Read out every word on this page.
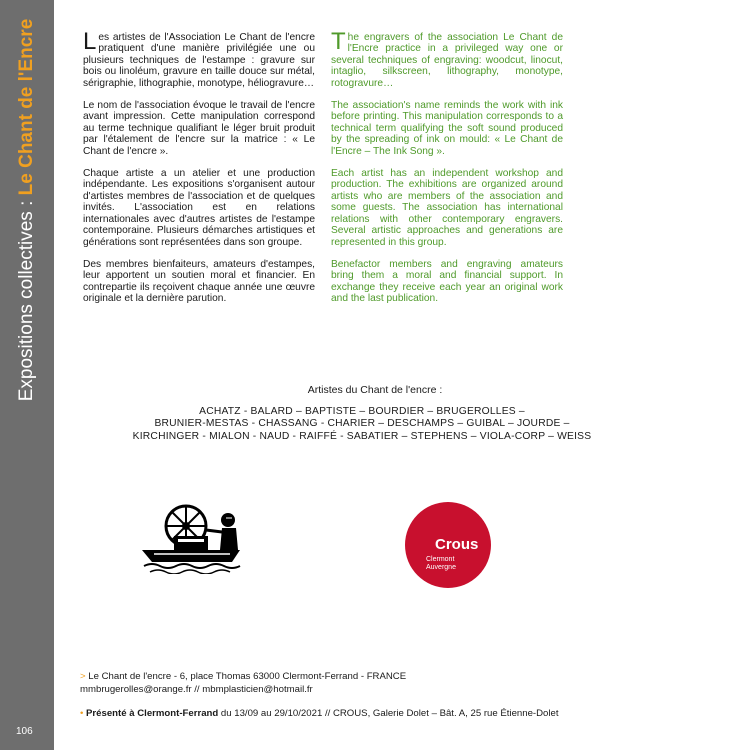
Expositions collectives : Le Chant de l'Encre
106

Les artistes de l'Association Le Chant de l'encre pratiquent d'une manière privilégiée une ou plusieurs techniques de l'estampe : gravure sur bois ou linoléum, gravure en taille douce sur métal, sérigraphie, lithographie, monotype, héliogravure…

Le nom de l'association évoque le travail de l'encre avant impression. Cette manipulation correspond au terme technique qualifiant le léger bruit produit par l'étalement de l'encre sur la matrice : « Le Chant de l'encre ».

Chaque artiste a un atelier et une production indépendante. Les expositions s'organisent autour d'artistes membres de l'association et de quelques invités. L'association est en relations internationales avec d'autres artistes de l'estampe contemporaine. Plusieurs démarches artistiques et générations sont représentées dans son groupe.

Des membres bienfaiteurs, amateurs d'estampes, leur apportent un soutien moral et financier. En contrepartie ils reçoivent chaque année une œuvre originale et la dernière parution.

The engravers of the association Le Chant de l'Encre practice in a privileged way one or several techniques of engraving: woodcut, linocut, intaglio, silkscreen, lithography, monotype, rotogravure…

The association's name reminds the work with ink before printing. This manipulation corresponds to a technical term qualifying the soft sound produced by the spreading of ink on mould: « Le Chant de l'Encre – The Ink Song ».

Each artist has an independent workshop and production. The exhibitions are organized around artists who are members of the association and some guests. The association has international relations with other contemporary engravers. Several artistic approaches and generations are represented in this group.

Benefactor members and engraving amateurs bring them a moral and financial support. In exchange they receive each year an original work and the last publication.

Artistes du Chant de l'encre :
ACHATZ - BALARD – BAPTISTE – BOURDIER – BRUGEROLLES –
BRUNIER-MESTAS - CHASSANG - CHARIER – DESCHAMPS – GUIBAL – JOURDE –
KIRCHINGER - MIALON - NAUD - RAIFFÉ - SABATIER – STEPHENS – VIOLA-CORP – WEISS
Crous
Clermont
Auvergne
> Le Chant de l'encre - 6, place Thomas 63000 Clermont-Ferrand - FRANCE
mmbrugerolles@orange.fr // mbmplasticien@hotmail.fr
• Présenté à Clermont-Ferrand du 13/09 au 29/10/2021 // CROUS, Galerie Dolet – Bât. A, 25 rue Étienne-Dolet
